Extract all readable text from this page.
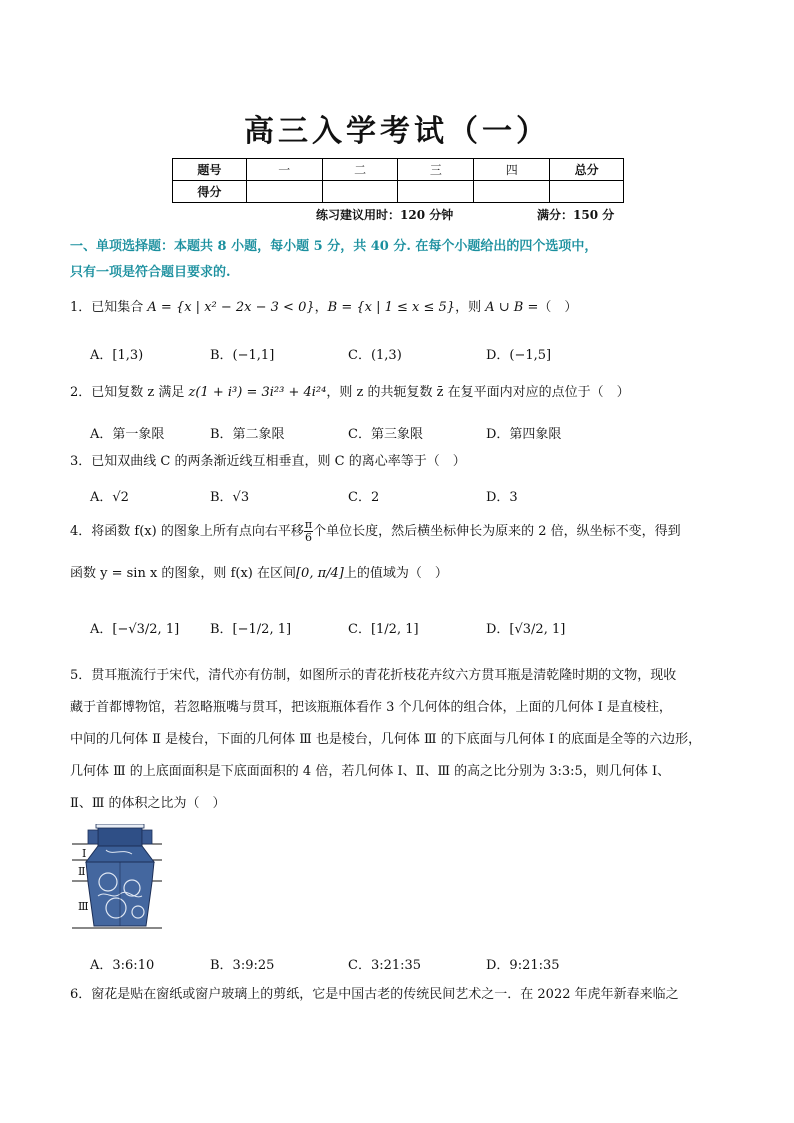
高三入学考试（一）
题号	一	二	三	四	总分
得分					
练习建议用时：120 分钟	满分：150 分
一、单项选择题：本题共 8 小题，每小题 5 分，共 40 分. 在每个小题给出的四个选项中，
只有一项是符合题目要求的.
1．已知集合 A = {x | x² − 2x − 3 < 0}，B = {x | 1 ≤ x ≤ 5}，则 A ∪ B =（　）
A．[1,3)	B．(−1,1]	C．(1,3)	D．(−1,5]
2．已知复数 z 满足 z(1 + i³) = 3i²³ + 4i²⁴，则 z 的共轭复数 z̄ 在复平面内对应的点位于（　）
A．第一象限	B．第二象限	C．第三象限	D．第四象限
3．已知双曲线 C 的两条渐近线互相垂直，则 C 的离心率等于（　）
A．√2	B．√3	C．2	D．3
4．将函数 f(x) 的图象上所有点向右平移 $\frac{\pi}{6}$ 个单位长度，然后横坐标伸长为原来的 2 倍，纵坐标不变，得到
函数 y = sin x 的图象，则 f(x) 在区间[0, π/4]上的值域为（　）
A．[−√3/2, 1] B．[−1/2, 1]	C．[1/2, 1]	D．[√3/2, 1]
5．贯耳瓶流行于宋代，清代亦有仿制，如图所示的青花折枝花卉纹六方贯耳瓶是清乾隆时期的文物，现收
藏于首都博物馆，若忽略瓶嘴与贯耳，把该瓶瓶体看作 3 个几何体的组合体，上面的几何体 Ⅰ 是直棱柱，
中间的几何体 Ⅱ 是棱台，下面的几何体 Ⅲ 也是棱台，几何体 Ⅲ 的下底面与几何体 Ⅰ 的底面是全等的六边形，
几何体 Ⅲ 的上底面面积是下底面面积的 4 倍，若几何体 Ⅰ、Ⅱ、Ⅲ 的高之比分别为 3:3:5，则几何体 Ⅰ、
Ⅱ、Ⅲ 的体积之比为（　）
Ⅰ
Ⅱ
Ⅲ
A．3:6:10	B．3:9:25	C．3:21:35	D．9:21:35
6．窗花是贴在窗纸或窗户玻璃上的剪纸，它是中国古老的传统民间艺术之一．在 2022 年虎年新春来临之
